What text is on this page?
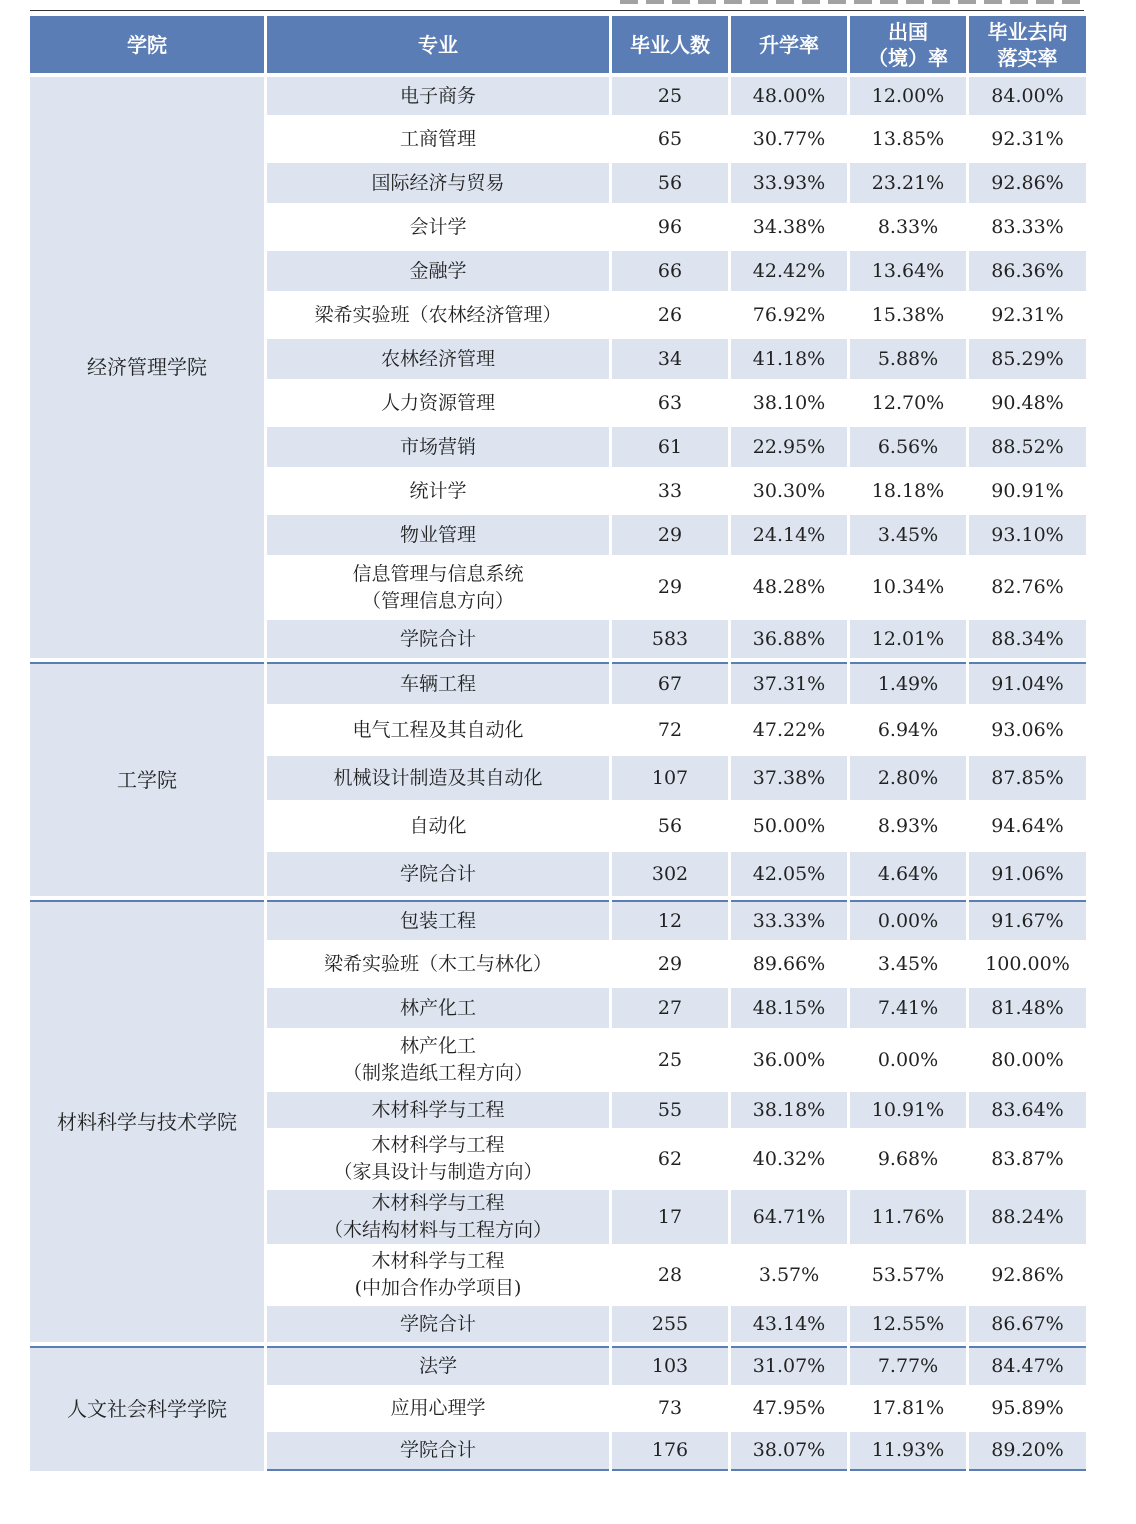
学院	专业	毕业人数	升学率	出国（境）率	毕业去向落实率
经济管理学院	电子商务	25	48.00%	12.00%	84.00%

	工商管理	65	30.77%	13.85%	92.31%

	国际经济与贸易	56	33.93%	23.21%	92.86%

	会计学	96	34.38%	8.33%	83.33%

	金融学	66	42.42%	13.64%	86.36%

	梁希实验班（农林经济管理）	26	76.92%	15.38%	92.31%

	农林经济管理	34	41.18%	5.88%	85.29%

	人力资源管理	63	38.10%	12.70%	90.48%

	市场营销	61	22.95%	6.56%	88.52%

	统计学	33	30.30%	18.18%	90.91%

	物业管理	29	24.14%	3.45%	93.10%

	信息管理与信息系统
（管理信息方向）	29	48.28%	10.34%	82.76%

	学院合计	583	36.88%	12.01%	88.34%
工学院	车辆工程	67	37.31%	1.49%	91.04%

	电气工程及其自动化	72	47.22%	6.94%	93.06%

	机械设计制造及其自动化	107	37.38%	2.80%	87.85%

	自动化	56	50.00%	8.93%	94.64%

	学院合计	302	42.05%	4.64%	91.06%
材料科学与技术学院	包装工程	12	33.33%	0.00%	91.67%

	梁希实验班（木工与林化）	29	89.66%	3.45%	100.00%

	林产化工	27	48.15%	7.41%	81.48%

	林产化工
（制浆造纸工程方向）	25	36.00%	0.00%	80.00%

	木材科学与工程	55	38.18%	10.91%	83.64%

	木材科学与工程
（家具设计与制造方向）	62	40.32%	9.68%	83.87%

	木材科学与工程
（木结构材料与工程方向）	17	64.71%	11.76%	88.24%

	木材科学与工程
(中加合作办学项目)	28	3.57%	53.57%	92.86%

	学院合计	255	43.14%	12.55%	86.67%
人文社会科学学院	法学	103	31.07%	7.77%	84.47%

	应用心理学	73	47.95%	17.81%	95.89%

	学院合计	176	38.07%	11.93%	89.20%
